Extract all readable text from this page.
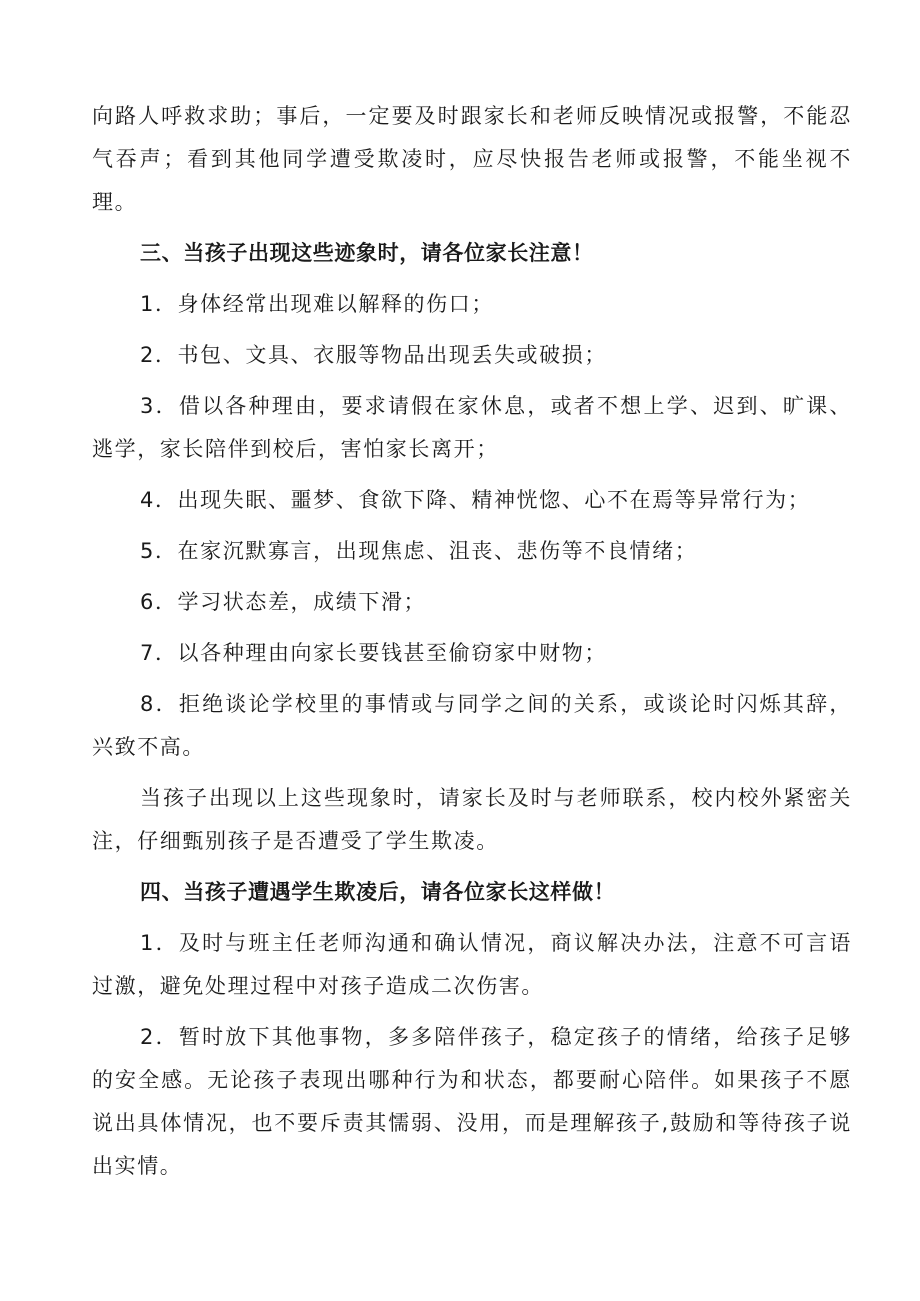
向路人呼救求助；事后，一定要及时跟家长和老师反映情况或报警，不能忍气吞声；看到其他同学遭受欺凌时，应尽快报告老师或报警，不能坐视不理。

三、当孩子出现这些迹象时，请各位家长注意！

1．身体经常出现难以解释的伤口；

2．书包、文具、衣服等物品出现丢失或破损；

3．借以各种理由，要求请假在家休息，或者不想上学、迟到、旷课、逃学，家长陪伴到校后，害怕家长离开；

4．出现失眠、噩梦、食欲下降、精神恍惚、心不在焉等异常行为；

5．在家沉默寡言，出现焦虑、沮丧、悲伤等不良情绪；

6．学习状态差，成绩下滑；

7．以各种理由向家长要钱甚至偷窃家中财物；

8．拒绝谈论学校里的事情或与同学之间的关系，或谈论时闪烁其辞，兴致不高。

当孩子出现以上这些现象时，请家长及时与老师联系，校内校外紧密关注，仔细甄别孩子是否遭受了学生欺凌。

四、当孩子遭遇学生欺凌后，请各位家长这样做！

1．及时与班主任老师沟通和确认情况，商议解决办法，注意不可言语过激，避免处理过程中对孩子造成二次伤害。

2．暂时放下其他事物，多多陪伴孩子，稳定孩子的情绪，给孩子足够的安全感。无论孩子表现出哪种行为和状态，都要耐心陪伴。如果孩子不愿说出具体情况，也不要斥责其懦弱、没用，而是理解孩子,鼓励和等待孩子说出实情。
